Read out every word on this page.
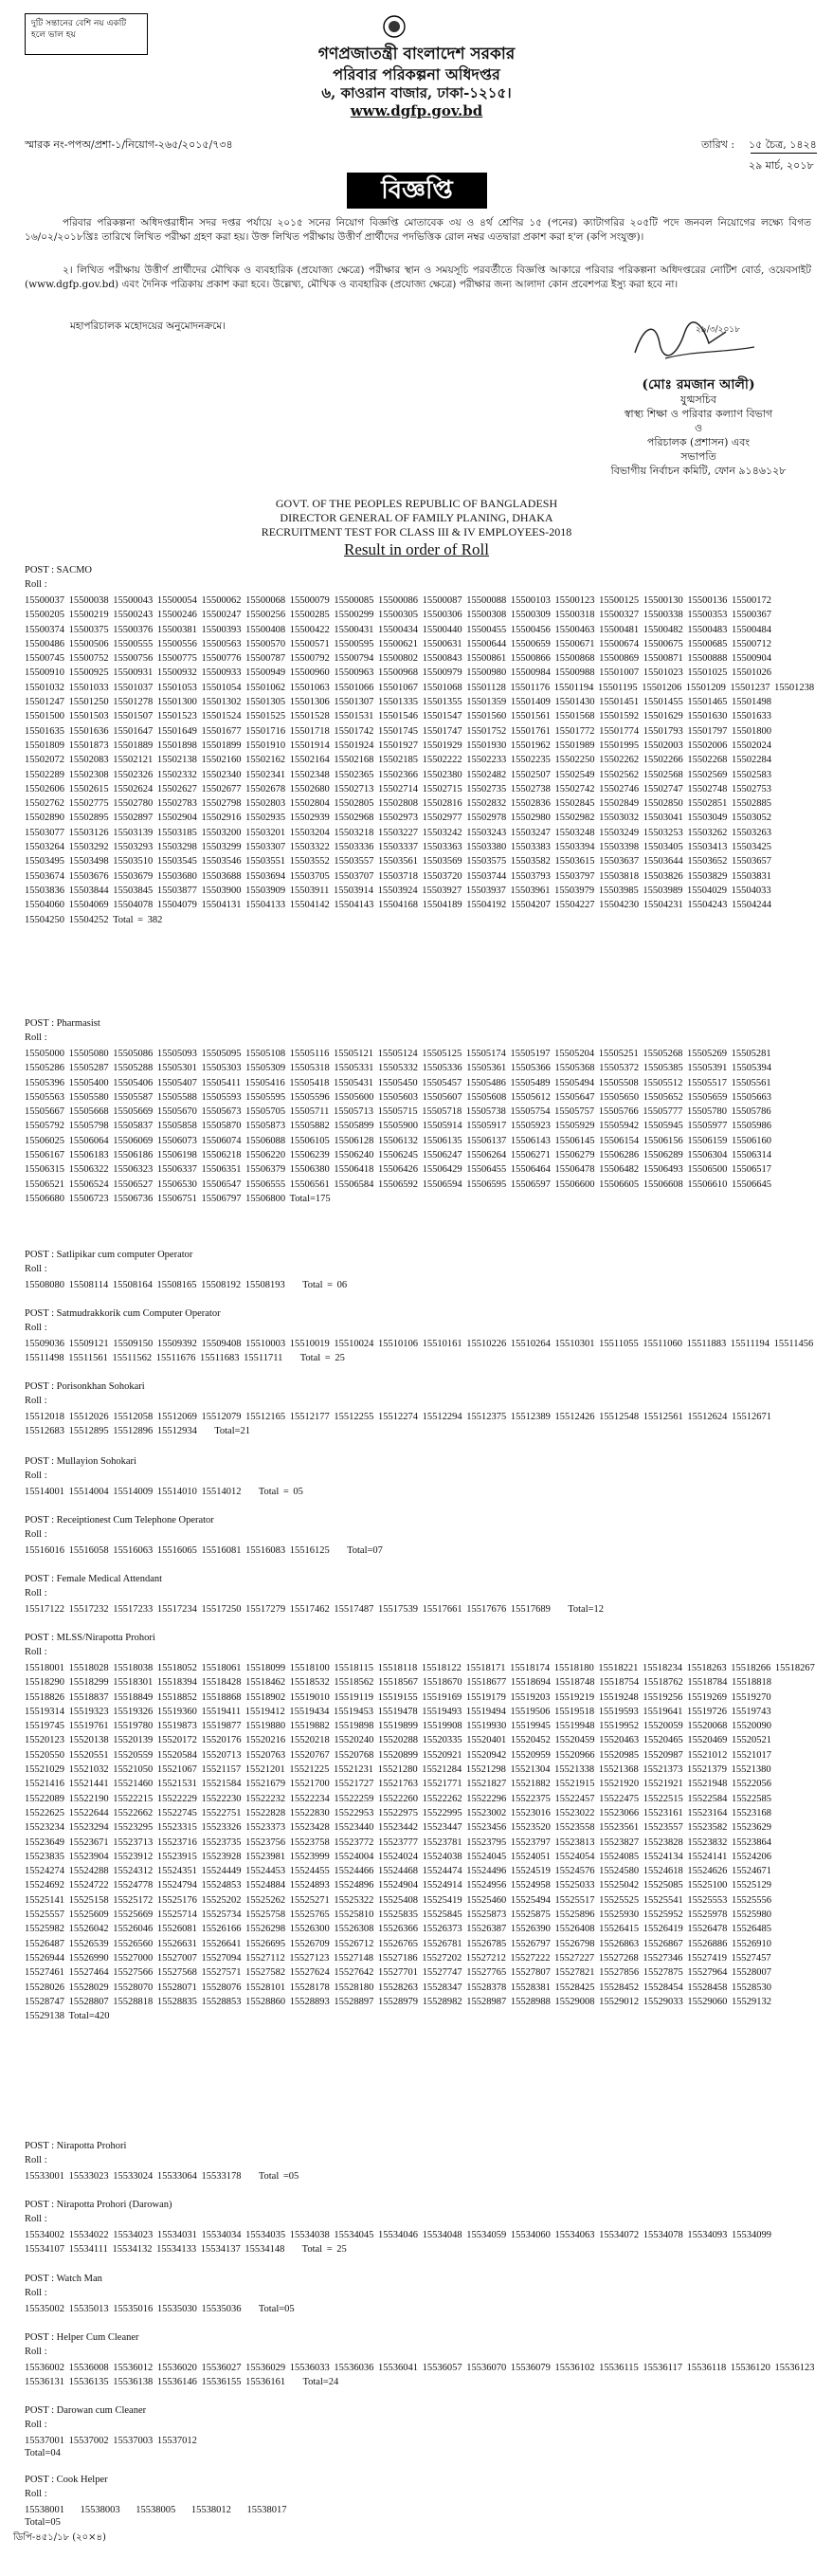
দুটি সন্তানের বেশি নয় একটি হলে ভাল হয়
গণপ্রজাতন্ত্রী বাংলাদেশ সরকার
পরিবার পরিকল্পনা অধিদপ্তর
৬, কাওরান বাজার, ঢাকা-১২১৫।
www.dgfp.gov.bd
স্মারক নং-পপঅ/প্রশা-১/নিয়োগ-২৬৫/২০১৫/৭৩৪	তারিখ : ১৫ চৈত্র, ১৪২৪
২৯ মার্চ, ২০১৮
বিজ্ঞপ্তি
পরিবার পরিকল্পনা অধিদপ্তরাধীন সদর দপ্তর পর্যায়ে ২০১৫ সনের নিয়োগ বিজ্ঞপ্তি মোতাবেক ৩য় ও ৪র্থ শ্রেণির ১৫ (পনের) ক্যাটাগরির ২০৫টি পদে জনবল নিয়োগের লক্ষ্যে বিগত ১৬/০২/২০১৮খ্রিঃ তারিখে লিখিত পরীক্ষা গ্রহণ করা হয়। উক্ত লিখিত পরীক্ষায় উত্তীর্ণ প্রার্থীদের পদভিত্তিক রোল নম্বর এতদ্বারা প্রকাশ করা হ'ল (কপি সংযুক্ত)।
২। লিখিত পরীক্ষায় উত্তীর্ণ প্রার্থীদের মৌখিক ও ব্যবহারিক (প্রযোজ্য ক্ষেত্রে) পরীক্ষার স্থান ও সময়সূচি পরবর্তীতে বিজ্ঞপ্তি আকারে পরিবার পরিকল্পনা অধিদপ্তরের নোটিশ বোর্ড, ওয়েবসাইট (www.dgfp.gov.bd) এবং দৈনিক পত্রিকায় প্রকাশ করা হবে। উল্লেখ্য, মৌখিক ও ব্যবহারিক (প্রযোজ্য ক্ষেত্রে) পরীক্ষার জন্য আলাদা কোন প্রবেশপত্র ইস্যু করা হবে না।
মহাপরিচালক মহোদয়ের অনুমোদনক্রমে।	২৯/৩/২০১৮
(মোঃ রমজান আলী)
যুগ্মসচিব
স্বাস্থ্য শিক্ষা ও পরিবার কল্যাণ বিভাগ
ও
পরিচালক (প্রশাসন) এবং
সভাপতি
বিভাগীয় নির্বাচন কমিটি, ফোন ৯১৪৬১২৮
GOVT. OF THE PEOPLES REPUBLIC OF BANGLADESH
DIRECTOR GENERAL OF FAMILY PLANING, DHAKA
RECRUITMENT TEST FOR CLASS III & IV EMPLOYEES-2018
Result in order of Roll
POST : SACMO
Roll :
15500037 15500038 15500043 15500054 15500062 15500068 15500079 15500085 15500086 15500087 15500088 15500103 15500123 15500125 15500130 15500136 15500172 15500205 15500219 15500243 15500246 15500247 15500256 15500285 15500299 15500305 15500306 15500308 15500309 15500318 15500327 15500338 15500353 15500367 15500374 15500375 15500376 15500381 15500393 15500408 15500422 15500431 15500434 15500440 15500455 15500456 15500463 15500481 15500482 15500483 15500484 15500486 15500506 15500555 15500556 15500563 15500570 15500571 15500595 15500621 15500631 15500644 15500659 15500671 15500674 15500675 15500685 15500712 15500745 15500752 15500756 15500775 15500776 15500787 15500792 15500794 15500802 15500843 15500861 15500866 15500868 15500869 15500871 15500888 15500904 15500910 15500925 15500931 15500932 15500933 15500949 15500960 15500963 15500968 15500979 15500980 15500984 15500988 15501007 15501023 15501025 15501026 15501032 15501033 15501037 15501053 15501054 15501062 15501063 15501066 15501067 15501068 15501128 15501176 15501194 15501195 15501206 15501209 15501237 15501238 15501247 15501250 15501278 15501300 15501302 15501305 15501306 15501307 15501335 15501355 15501359 15501409 15501430 15501451 15501455 15501465 15501498 15501500 15501503 15501507 15501523 15501524 15501525 15501528 15501531 15501546 15501547 15501560 15501561 15501568 15501592 15501629 15501630 15501633 15501635 15501636 15501647 15501649 15501677 15501716 15501718 15501742 15501745 15501747 15501752 15501761 15501772 15501774 15501793 15501797 15501800 15501809 15501873 15501889 15501898 15501899 15501910 15501914 15501924 15501927 15501929 15501930 15501962 15501989 15501995 15502003 15502006 15502024 15502072 15502083 15502121 15502138 15502160 15502162 15502164 15502168 15502185 15502222 15502233 15502235 15502250 15502262 15502266 15502268 15502284 15502289 15502308 15502326 15502332 15502340 15502341 15502348 15502365 15502366 15502380 15502482 15502507 15502549 15502562 15502568 15502569 15502583 15502606 15502615 15502624 15502627 15502677 15502678 15502680 15502713 15502714 15502715 15502735 15502738 15502742 15502746 15502747 15502748 15502753 15502762 15502775 15502780 15502783 15502798 15502803 15502804 15502805 15502808 15502816 15502832 15502836 15502845 15502849 15502850 15502851 15502885 15502890 15502895 15502897 15502904 15502916 15502935 15502939 15502968 15502973 15502977 15502978 15502980 15502982 15503032 15503041 15503049 15503052 15503077 15503126 15503139 15503185 15503200 15503201 15503204 15503218 15503227 15503242 15503243 15503247 15503248 15503249 15503253 15503262 15503263 15503264 15503292 15503293 15503298 15503299 15503307 15503322 15503336 15503337 15503363 15503380 15503383 15503394 15503398 15503405 15503413 15503425 15503495 15503498 15503510 15503545 15503546 15503551 15503552 15503557 15503561 15503569 15503575 15503582 15503615 15503637 15503644 15503652 15503657 15503674 15503676 15503679 15503680 15503688 15503694 15503705 15503707 15503718 15503720 15503744 15503793 15503797 15503818 15503826 15503829 15503831 15503836 15503844 15503845 15503877 15503900 15503909 15503911 15503914 15503924 15503927 15503937 15503961 15503979 15503985 15503989 15504029 15504033 15504060 15504069 15504078 15504079 15504131 15504133 15504142 15504143 15504168 15504189 15504192 15504207 15504227 15504230 15504231 15504243 15504244 15504250 15504252 Total = 382
POST : Pharmasist
Roll :
15505000 15505080 15505086 15505093 15505095 15505108 15505116 15505121 15505124 15505125 15505174 15505197 15505204 15505251 15505268 15505269 15505281 15505286 15505287 15505288 15505301 15505303 15505309 15505318 15505331 15505332 15505336 15505361 15505366 15505368 15505372 15505385 15505391 15505394 15505396 15505400 15505406 15505407 15505411 15505416 15505418 15505431 15505450 15505457 15505486 15505489 15505494 15505508 15505512 15505517 15505561 15505563 15505580 15505587 15505588 15505593 15505595 15505596 15505600 15505603 15505607 15505608 15505612 15505647 15505650 15505652 15505659 15505663 15505667 15505668 15505669 15505670 15505673 15505705 15505711 15505713 15505715 15505718 15505738 15505754 15505757 15505766 15505777 15505780 15505786 15505792 15505798 15505837 15505858 15505870 15505873 15505882 15505899 15505900 15505914 15505917 15505923 15505929 15505942 15505945 15505977 15505986 15506025 15506064 15506069 15506073 15506074 15506088 15506105 15506128 15506132 15506135 15506137 15506143 15506145 15506154 15506156 15506159 15506160 15506167 15506183 15506186 15506198 15506218 15506220 15506239 15506240 15506245 15506247 15506264 15506271 15506279 15506286 15506289 15506304 15506314 15506315 15506322 15506323 15506337 15506351 15506379 15506380 15506418 15506426 15506429 15506455 15506464 15506478 15506482 15506493 15506500 15506517 15506521 15506524 15506527 15506530 15506547 15506555 15506561 15506584 15506592 15506594 15506595 15506597 15506600 15506605 15506608 15506610 15506645 15506680 15506723 15506736 15506751 15506797 15506800 Total=175
POST : Satlipikar cum computer Operator
Roll :
15508080 15508114 15508164 15508165 15508192 15508193 Total = 06
POST : Satmudrakkorik cum Computer Operator
Roll :
15509036 15509121 15509150 15509392 15509408 15510003 15510019 15510024 15510106 15510161 15510226 15510264 15510301 15511055 15511060 15511883 15511194 15511456 15511498 15511561 15511562 15511676 15511683 15511711 Total = 25
POST : Porisonkhan Sohokari
Roll :
15512018 15512026 15512058 15512069 15512079 15512165 15512177 15512255 15512274 15512294 15512375 15512389 15512426 15512548 15512561 15512624 15512671 15512683 15512895 15512896 15512934 Total=21
POST : Mullayion Sohokari
Roll :
15514001 15514004 15514009 15514010 15514012 Total = 05
POST : Receiptionest Cum Telephone Operator
Roll :
15516016 15516058 15516063 15516065 15516081 15516083 15516125 Total=07
POST : Female Medical Attendant
Roll :
15517122 15517232 15517233 15517234 15517250 15517279 15517462 15517487 15517539 15517661 15517676 15517689 Total=12
POST : MLSS/Nirapotta Prohori
Roll :
15518001 15518028 15518038 15518052 15518061 15518099 15518100 15518115 15518118 15518122 15518171 15518174 15518180 15518221 15518234 15518263 15518266 15518267 15518290 15518299 15518301 15518394 15518428 15518462 15518532 15518562 15518567 15518670 15518677 15518694 15518748 15518754 15518762 15518784 15518818 15518826 15518837 15518849 15518852 15518868 15518902 15519010 15519119 15519155 15519169 15519179 15519203 15519219 15519248 15519256 15519269 15519270 15519314 15519323 15519326 15519360 15519411 15519412 15519434 15519453 15519478 15519493 15519494 15519506 15519518 15519593 15519641 15519726 15519743 15519745 15519761 15519780 15519873 15519877 15519880 15519882 15519898 15519899 15519908 15519930 15519945 15519948 15519952 15520059 15520068 15520090 15520123 15520138 15520139 15520172 15520176 15520216 15520218 15520240 15520288 15520335 15520401 15520452 15520459 15520463 15520465 15520469 15520521 15520550 15520551 15520559 15520584 15520713 15520763 15520767 15520768 15520899 15520921 15520942 15520959 15520966 15520985 15520987 15521012 15521017 15521029 15521032 15521050 15521067 15521157 15521201 15521225 15521231 15521280 15521284 15521298 15521304 15521338 15521368 15521373 15521379 15521380 15521416 15521441 15521460 15521531 15521584 15521679 15521700 15521727 15521763 15521771 15521827 15521882 15521915 15521920 15521921 15521948 15522056 15522089 15522190 15522215 15522229 15522230 15522232 15522234 15522259 15522260 15522262 15522296 15522375 15522457 15522475 15522515 15522584 15522585 15522625 15522644 15522662 15522745 15522751 15522828 15522830 15522953 15522975 15522995 15523002 15523016 15523022 15523066 15523161 15523164 15523168 15523234 15523294 15523295 15523315 15523326 15523373 15523428 15523440 15523442 15523447 15523456 15523520 15523558 15523561 15523557 15523582 15523629 15523649 15523671 15523713 15523716 15523735 15523756 15523758 15523772 15523777 15523781 15523795 15523797 15523813 15523827 15523828 15523832 15523864 15523835 15523904 15523912 15523915 15523928 15523981 15523999 15524004 15524024 15524038 15524045 15524051 15524054 15524085 15524134 15524141 15524206 15524274 15524288 15524312 15524351 15524449 15524453 15524455 15524466 15524468 15524474 15524496 15524519 15524576 15524580 15524618 15524626 15524671 15524692 15524722 15524778 15524794 15524853 15524884 15524893 15524896 15524904 15524914 15524956 15524958 15525033 15525042 15525085 15525100 15525129 15525141 15525158 15525172 15525176 15525202 15525262 15525271 15525322 15525408 15525419 15525460 15525494 15525517 15525525 15525541 15525553 15525556 15525557 15525609 15525669 15525714 15525734 15525758 15525765 15525810 15525835 15525845 15525873 15525875 15525896 15525930 15525952 15525978 15525980 15525982 15526042 15526046 15526081 15526166 15526298 15526300 15526308 15526366 15526373 15526387 15526390 15526408 15526415 15526419 15526478 15526485 15526487 15526539 15526560 15526631 15526641 15526695 15526709 15526712 15526765 15526781 15526785 15526797 15526798 15526863 15526867 15526886 15526910 15526944 15526990 15527000 15527007 15527094 15527112 15527123 15527148 15527186 15527202 15527212 15527222 15527227 15527268 15527346 15527419 15527457 15527461 15527464 15527566 15527568 15527571 15527582 15527624 15527642 15527701 15527747 15527765 15527807 15527821 15527856 15527875 15527964 15528007 15528026 15528029 15528070 15528071 15528076 15528101 15528178 15528180 15528263 15528347 15528378 15528381 15528425 15528452 15528454 15528458 15528530 15528747 15528807 15528818 15528835 15528853 15528860 15528893 15528897 15528979 15528982 15528987 15528988 15529008 15529012 15529033 15529060 15529132 15529138 Total=420
POST : Nirapotta Prohori
Roll :
15533001 15533023 15533024 15533064 15533178 Total =05
POST : Nirapotta Prohori (Darowan)
Roll :
15534002 15534022 15534023 15534031 15534034 15534035 15534038 15534045 15534046 15534048 15534059 15534060 15534063 15534072 15534078 15534093 15534099 15534107 15534111 15534132 15534133 15534137 15534148 Total = 25
POST : Watch Man
Roll :
15535002 15535013 15535016 15535030 15535036 Total=05
POST : Helper Cum Cleaner
Roll :
15536002 15536008 15536012 15536020 15536027 15536029 15536033 15536036 15536041 15536057 15536070 15536079 15536102 15536115 15536117 15536118 15536120 15536123 15536131 15536135 15536138 15536146 15536155 15536161 Total=24
POST : Darowan cum Cleaner
Roll :
15537001 15537002 15537003 15537012
Total=04
POST : Cook Helper
Roll :
15538001 15538003 15538005 15538012 15538017
Total=05
ডিপি-৪৫১/১৮ (২০×৪)
